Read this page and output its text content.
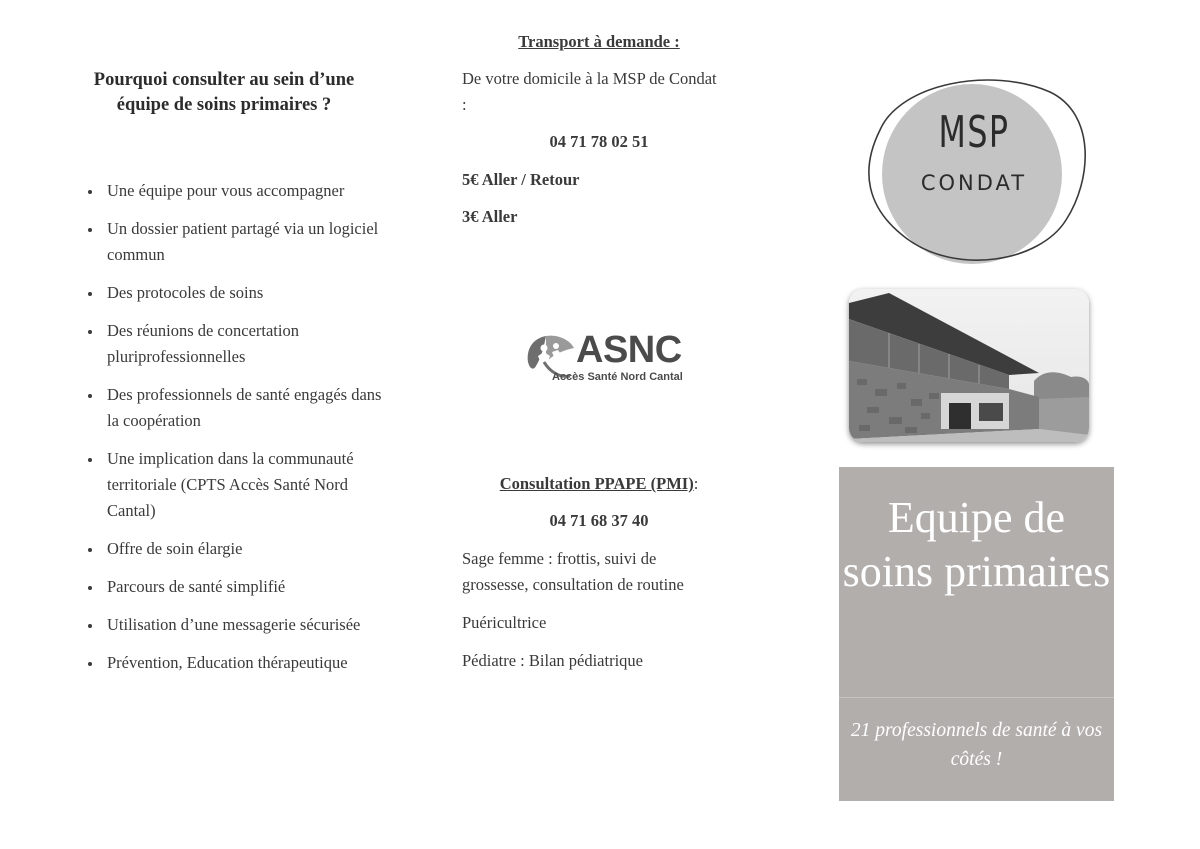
Pourquoi consulter au sein d’une équipe de soins primaires ?
Une équipe pour vous accompagner
Un dossier patient partagé via un logiciel commun
Des protocoles de soins
Des réunions de concertation pluriprofessionnelles
Des professionnels de santé engagés dans la coopération
Une implication dans la communauté territoriale (CPTS Accès Santé Nord Cantal)
Offre de soin élargie
Parcours de santé simplifié
Utilisation d’une messagerie sécurisée
Prévention, Education thérapeutique
Transport à demande :
De votre domicile à la MSP de Condat :
04 71 78 02 51
5€ Aller / Retour
3€ Aller
ASNC
Accès Santé Nord Cantal
Consultation PPAPE (PMI):
04 71 68 37 40
Sage femme : frottis, suivi de grossesse, consultation de routine
Puéricultrice
Pédiatre : Bilan pédiatrique
MSP
CONDAT
Equipe de soins primaires
21 professionnels de santé à vos côtés !
